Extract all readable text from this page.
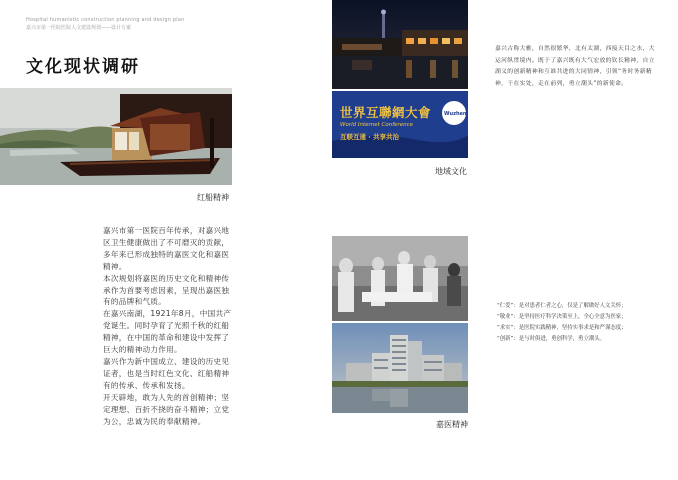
Hospital humanistic construction planning and design plan
嘉兴市第一医院医院人文建设规划——设计方案
文化现状调研
红船精神

嘉兴市第一医院百年传承，对嘉兴地区卫生健康做出了不可磨灭的贡献，多年来已形成独特的嘉医文化和嘉医精神。

本次规划将嘉医的历史文化和精神传承作为首要考虑因素，呈现出嘉医独有的品牌和气质。

在嘉兴南湖，1921年8月，中国共产党诞生。同时孕育了光照千秋的红船精神，在中国的革命和建设中发挥了巨大的精神动力作用。

嘉兴作为新中国成立、建设的历史见证者，也是当时红色文化、红船精神有的传承、传承和发扬。

开天辟地，敢为人先的首创精神；坚定理想、百折不挠的奋斗精神；立党为公，忠诚为民的奉献精神。

世界互聯網大會
World Internet Conference
互联互通 · 共享共治
Wuzhen
地域文化
嘉兴古称大雅，自然很繁华，北有太湖，西接天目之水，大运河纵贯境内。既于了嘉兴既有大气宏放的钦长精神，自立湖义的创新精神和互谁共进的大同情神，引领“务时务新精神，干在实处，走在前列，勇立潮头”的新使命。
嘉医精神
“仁爱”：是对患者仁者之心，仅是了解做好人文关怀；
“敬业”：是坚持医疗科学决策至上，全心全意为医家；
“求实”：是医院实践精神，坚持实事求是和严谨态度；
“创新”：是与时俱进，勇创科学，勇立潮头。
